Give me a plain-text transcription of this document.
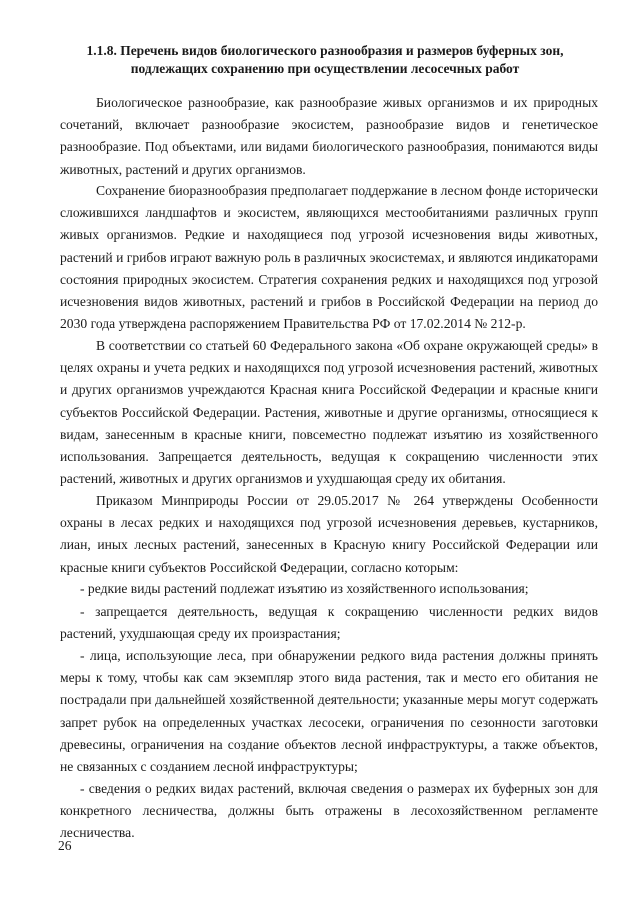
1.1.8. Перечень видов биологического разнообразия и размеров буферных зон,

подлежащих сохранению при осуществлении лесосечных работ

Биологическое разнообразие, как разнообразие живых организмов и их природных сочетаний, включает разнообразие экосистем, разнообразие видов и генетическое разнообразие. Под объектами, или видами биологического разнообразия, понимаются виды животных, растений и других организмов.

Сохранение биоразнообразия предполагает поддержание в лесном фонде исторически сложившихся ландшафтов и экосистем, являющихся местообитаниями различных групп живых организмов. Редкие и находящиеся под угрозой исчезновения виды животных, растений и грибов играют важную роль в различных экосистемах, и являются индикаторами состояния природных экосистем. Стратегия сохранения редких и находящихся под угрозой исчезновения видов животных, растений и грибов в Российской Федерации на период до 2030 года утверждена распоряжением Правительства РФ от 17.02.2014 № 212-р.

В соответствии со статьей 60 Федерального закона «Об охране окружающей среды» в целях охраны и учета редких и находящихся под угрозой исчезновения растений, животных и других организмов учреждаются Красная книга Российской Федерации и красные книги субъектов Российской Федерации. Растения, животные и другие организмы, относящиеся к видам, занесенным в красные книги, повсеместно подлежат изъятию из хозяйственного использования. Запрещается деятельность, ведущая к сокращению численности этих растений, животных и других организмов и ухудшающая среду их обитания.

Приказом Минприроды России от 29.05.2017 № 264 утверждены Особенности охраны в лесах редких и находящихся под угрозой исчезновения деревьев, кустарников, лиан, иных лесных растений, занесенных в Красную книгу Российской Федерации или красные книги субъектов Российской Федерации, согласно которым:

- редкие виды растений подлежат изъятию из хозяйственного использования;

- запрещается деятельность, ведущая к сокращению численности редких видов растений, ухудшающая среду их произрастания;

- лица, использующие леса, при обнаружении редкого вида растения должны принять меры к тому, чтобы как сам экземпляр этого вида растения, так и место его обитания не пострадали при дальнейшей хозяйственной деятельности; указанные меры могут содержать запрет рубок на определенных участках лесосеки, ограничения по сезонности заготовки древесины, ограничения на создание объектов лесной инфраструктуры, а также объектов, не связанных с созданием лесной инфраструктуры;

- сведения о редких видах растений, включая сведения о размерах их буферных зон для конкретного лесничества, должны быть отражены в лесохозяйственном регламенте лесничества.

26
